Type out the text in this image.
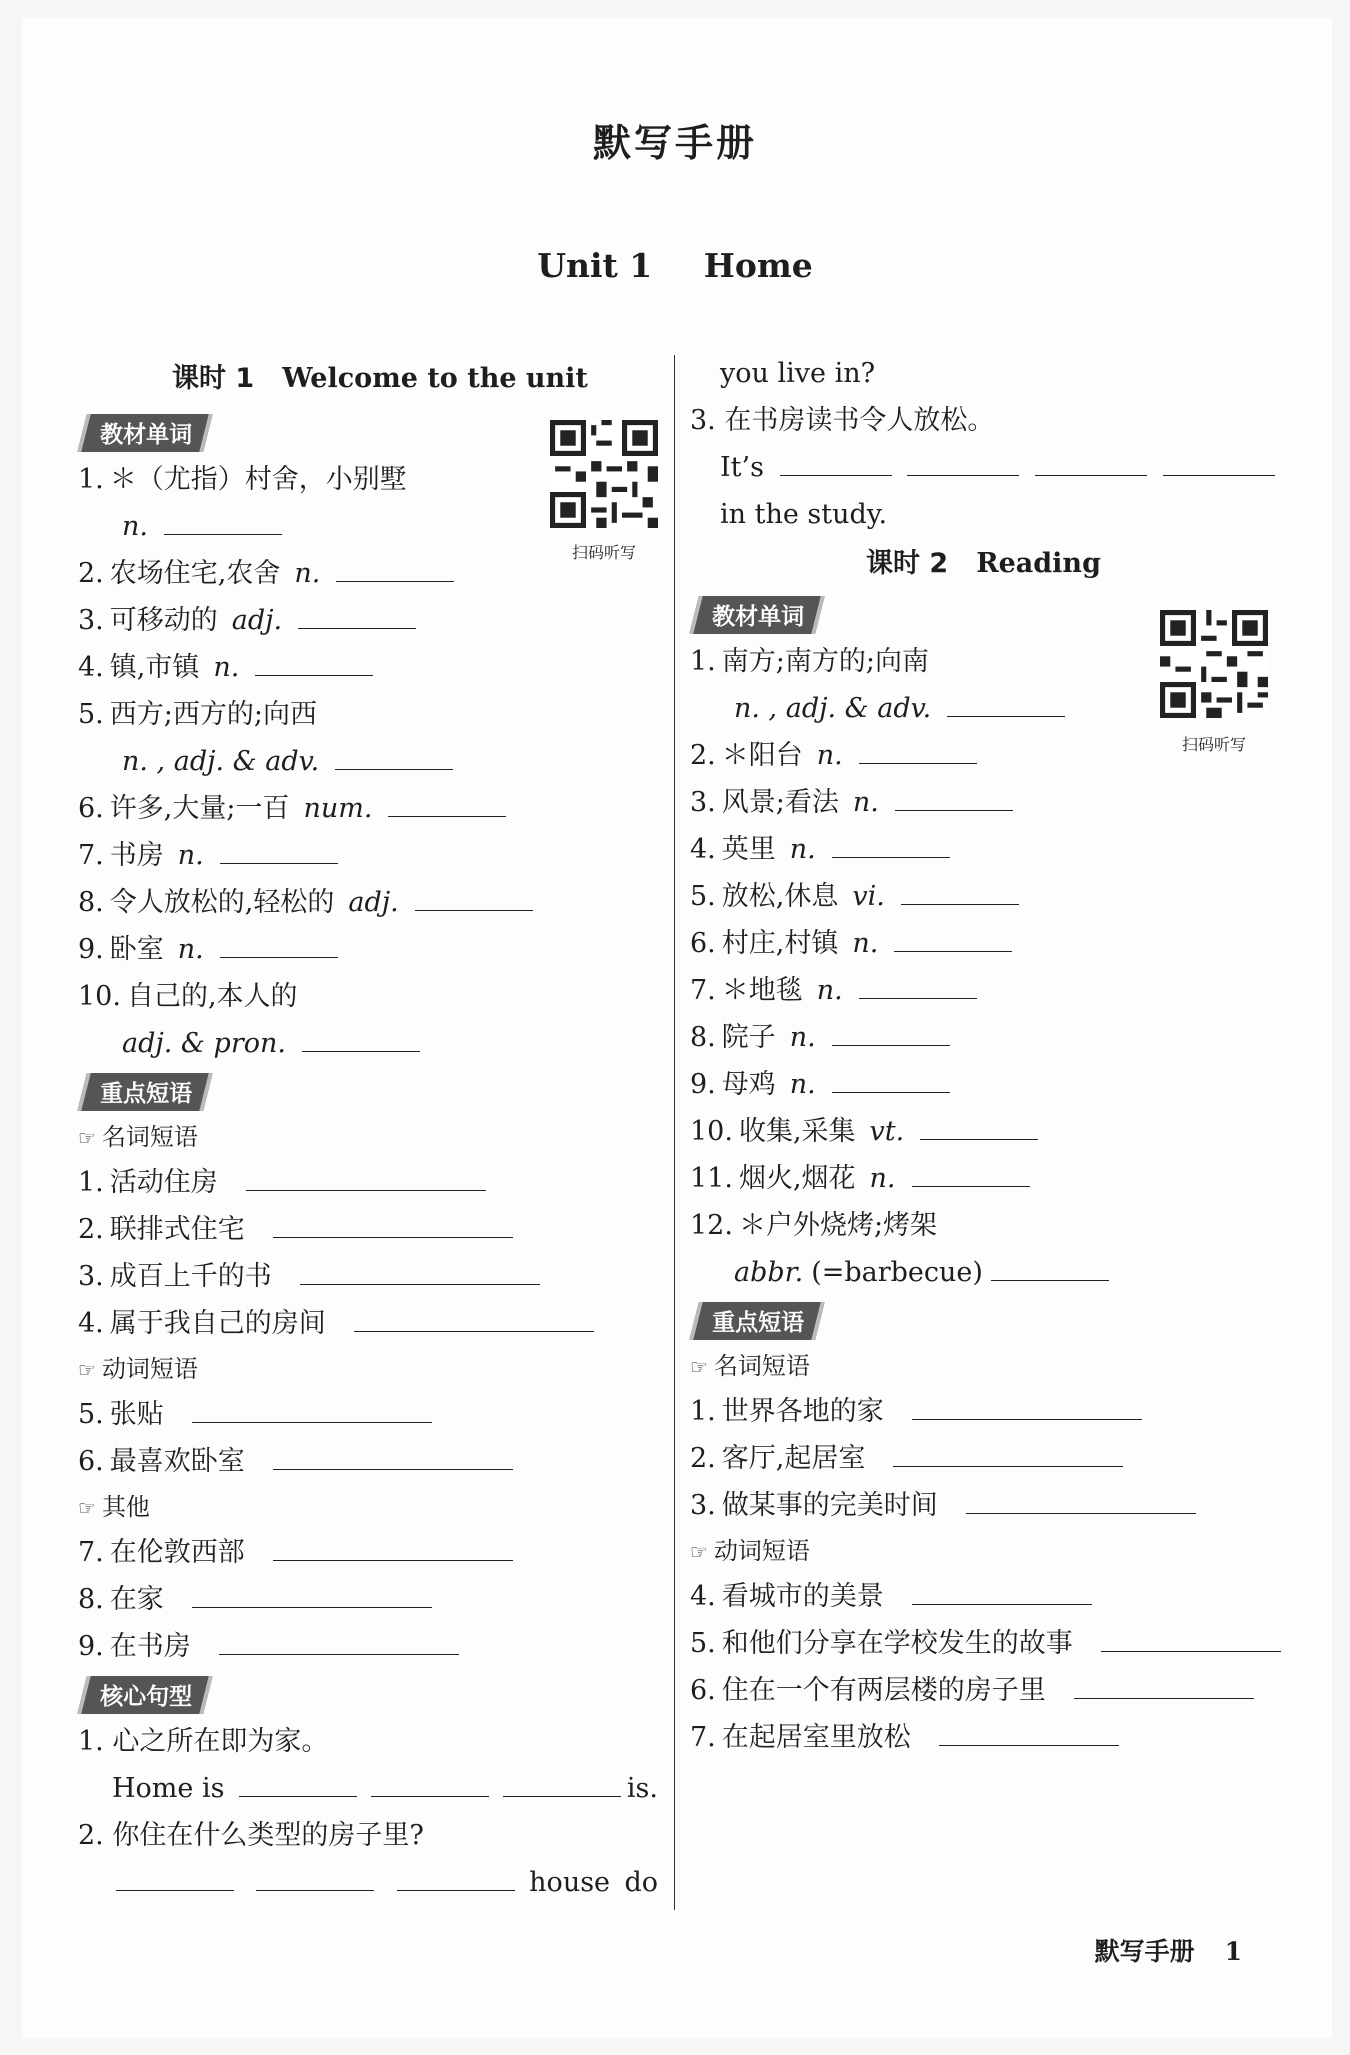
默写手册
Unit 1 Home
扫码听写
扫码听写
课时 1 Welcome to the unit
教材单词
1. ＊（尤指）村舍，小别墅
n.
2. 农场住宅,农舍 n.
3. 可移动的 adj.
4. 镇,市镇 n.
5. 西方;西方的;向西
n. , adj. & adv.
6. 许多,大量;一百 num.
7. 书房 n.
8. 令人放松的,轻松的 adj.
9. 卧室 n.
10. 自己的,本人的
adj. & pron.
重点短语
☞ 名词短语
1. 活动住房
2. 联排式住宅
3. 成百上千的书
4. 属于我自己的房间
☞ 动词短语
5. 张贴
6. 最喜欢卧室
☞ 其他
7. 在伦敦西部
8. 在家
9. 在书房
核心句型
1. 心之所在即为家。
Home is	is.
2. 你住在什么类型的房子里?
house do
you live in?
3. 在书房读书令人放松。
It’s
in the study.
课时 2 Reading
教材单词
1. 南方;南方的;向南
n. , adj. & adv.
2. ＊阳台 n.
3. 风景;看法 n.
4. 英里 n.
5. 放松,休息 vi.
6. 村庄,村镇 n.
7. ＊地毯 n.
8. 院子 n.
9. 母鸡 n.
10. 收集,采集 vt.
11. 烟火,烟花 n.
12. ＊户外烧烤;烤架
abbr. (=barbecue)
重点短语
☞ 名词短语
1. 世界各地的家
2. 客厅,起居室
3. 做某事的完美时间
☞ 动词短语
4. 看城市的美景
5. 和他们分享在学校发生的故事
6. 住在一个有两层楼的房子里
7. 在起居室里放松
默写手册 1
